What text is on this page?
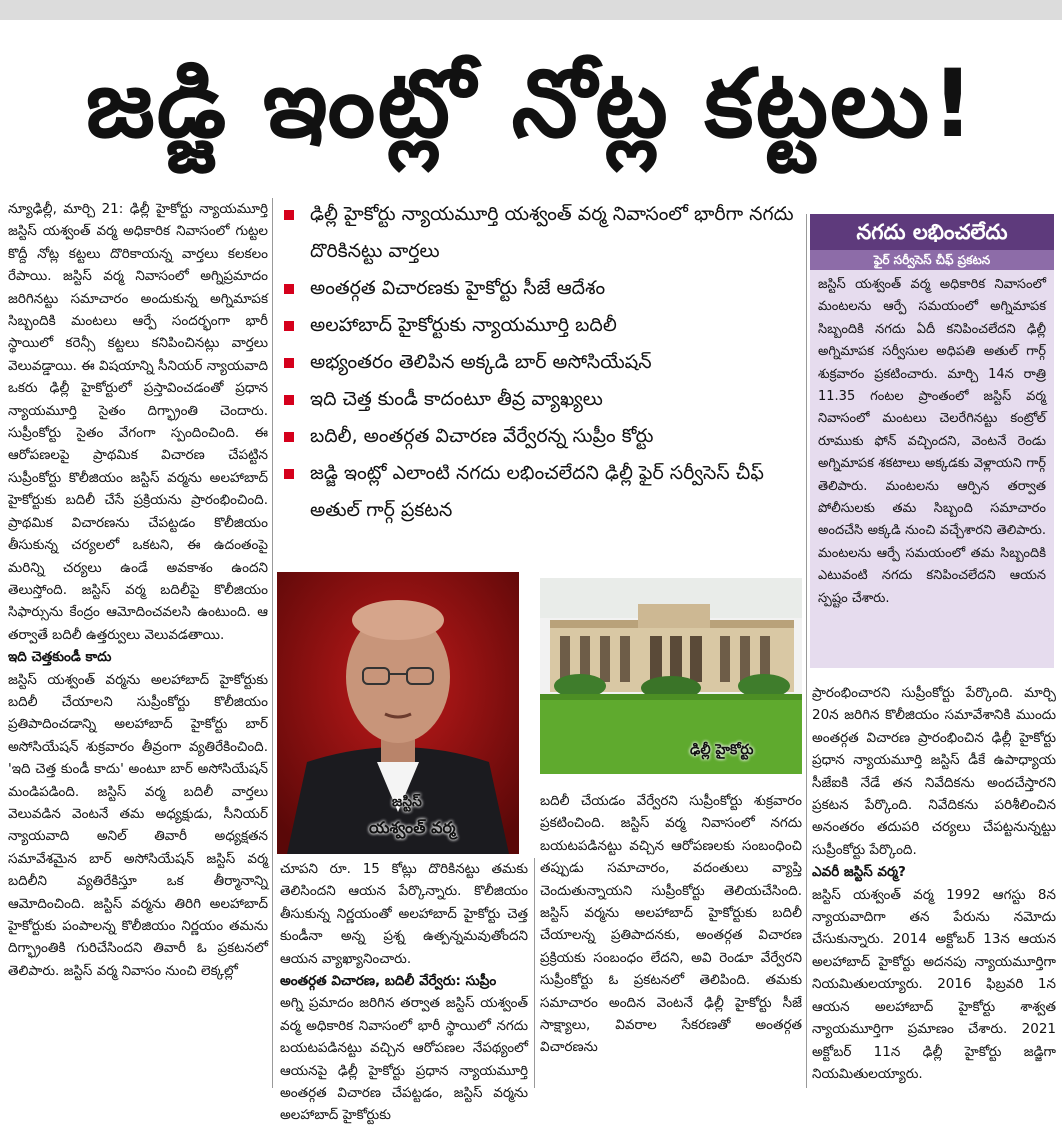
జడ్జి ఇంట్లో నోట్ల కట్టలు!

న్యూఢిల్లీ, మార్చి 21: ఢిల్లీ హైకోర్టు న్యాయమూర్తి జస్టిస్ యశ్వంత్ వర్మ అధికారిక నివాసంలో గుట్టల కొద్దీ నోట్ల కట్టలు దొరికాయన్న వార్తలు కలకలం రేపాయి. జస్టిస్ వర్మ నివాసంలో అగ్నిప్రమాదం జరిగినట్టు సమాచారం అందుకున్న అగ్నిమాపక సిబ్బందికి మంటలు ఆర్పే సందర్భంగా భారీ స్థాయిలో కరెన్సీ కట్టలు కనిపించినట్లు వార్తలు వెలువడ్డాయి. ఈ విషయాన్ని సీనియర్ న్యాయవాది ఒకరు ఢిల్లీ హైకోర్టులో ప్రస్తావించడంతో ప్రధాన న్యాయమూర్తి సైతం దిగ్భ్రాంతి చెందారు. సుప్రీంకోర్టు సైతం వేగంగా స్పందించింది. ఈ ఆరోపణలపై ప్రాథమిక విచారణ చేపట్టిన సుప్రీంకోర్టు కొలీజియం జస్టిస్ వర్మను అలహాబాద్ హైకోర్టుకు బదిలీ చేసే ప్రక్రియను ప్రారంభించింది. ప్రాథమిక విచారణను చేపట్టడం కొలీజియం తీసుకున్న చర్యలలో ఒకటని, ఈ ఉదంతంపై మరిన్ని చర్యలు ఉండే అవకాశం ఉందని తెలుస్తోంది. జస్టిస్ వర్మ బదిలీపై కొలీజియం సిఫార్సును కేంద్రం ఆమోదించవలసి ఉంటుంది. ఆ తర్వాతే బదిలీ ఉత్తర్వులు వెలువడతాయి.

ఇది చెత్తకుండీ కాదు

జస్టిస్ యశ్వంత్ వర్మను అలహాబాద్ హైకోర్టుకు బదిలీ చేయాలని సుప్రీంకోర్టు కొలీజియం ప్రతిపాదించడాన్ని అలహాబాద్ హైకోర్టు బార్ అసోసియేషన్ శుక్రవారం తీవ్రంగా వ్యతిరేకించింది. 'ఇది చెత్త కుండీ కాదు' అంటూ బార్ అసోసియేషన్ మండిపడింది. జస్టిస్ వర్మ బదిలీ వార్తలు వెలువడిన వెంటనే తమ అధ్యక్షుడు, సీనియర్ న్యాయవాది అనిల్ తివారీ అధ్యక్షతన సమావేశమైన బార్ అసోసియేషన్ జస్టిస్ వర్మ బదిలీని వ్యతిరేకిస్తూ ఒక తీర్మానాన్ని ఆమోదించింది. జస్టిస్ వర్మను తిరిగి అలహాబాద్ హైకోర్టుకు పంపాలన్న కొలీజియం నిర్ణయం తమను దిగ్భ్రాంతికి గురిచేసిందని తివారీ ఓ ప్రకటనలో తెలిపారు. జస్టిస్ వర్మ నివాసం నుంచి లెక్కల్లో

ఢిల్లీ హైకోర్టు న్యాయమూర్తి యశ్వంత్ వర్మ నివాసంలో భారీగా నగదు దొరికినట్టు వార్తలు
అంతర్గత విచారణకు హైకోర్టు సీజే ఆదేశం
అలహాబాద్ హైకోర్టుకు న్యాయమూర్తి బదిలీ
అభ్యంతరం తెలిపిన అక్కడి బార్ అసోసియేషన్
ఇది చెత్త కుండీ కాదంటూ తీవ్ర వ్యాఖ్యలు
బదిలీ, అంతర్గత విచారణ వేర్వేరన్న సుప్రీం కోర్టు
జడ్జి ఇంట్లో ఎలాంటి నగదు లభించలేదని ఢిల్లీ ఫైర్ సర్వీసెస్ చీఫ్ అతుల్ గార్గ్ ప్రకటన
జస్టిస్
యశ్వంత్ వర్మ
ఢిల్లీ హైకోర్టు

చూపని రూ. 15 కోట్లు దొరికినట్టు తమకు తెలిసిందని ఆయన పేర్కొన్నారు. కొలీజియం తీసుకున్న నిర్ణయంతో అలహాబాద్ హైకోర్టు చెత్త కుండీనా అన్న ప్రశ్న ఉత్పన్నమవుతోందని ఆయన వ్యాఖ్యానించారు.

అంతర్గత విచారణ, బదిలీ వేర్వేరు: సుప్రీం

అగ్ని ప్రమాదం జరిగిన తర్వాత జస్టిస్ యశ్వంత్ వర్మ అధికారిక నివాసంలో భారీ స్థాయిలో నగదు బయటపడినట్టు వచ్చిన ఆరోపణల నేపథ్యంలో ఆయనపై ఢిల్లీ హైకోర్టు ప్రధాన న్యాయమూర్తి అంతర్గత విచారణ చేపట్టడం, జస్టిస్ వర్మను అలహాబాద్ హైకోర్టుకు

బదిలీ చేయడం వేర్వేరని సుప్రీంకోర్టు శుక్రవారం ప్రకటించింది. జస్టిస్ వర్మ నివాసంలో నగదు బయటపడినట్టు వచ్చిన ఆరోపణలకు సంబంధించి తప్పుడు సమాచారం, వదంతులు వ్యాప్తి చెందుతున్నాయని సుప్రీంకోర్టు తెలియచేసింది. జస్టిస్ వర్మను అలహాబాద్ హైకోర్టుకు బదిలీ చేయాలన్న ప్రతిపాదనకు, అంతర్గత విచారణ ప్రక్రియకు సంబంధం లేదని, అవి రెండూ వేర్వేరని సుప్రీంకోర్టు ఓ ప్రకటనలో తెలిపింది. తమకు సమాచారం అందిన వెంటనే ఢిల్లీ హైకోర్టు సీజే సాక్ష్యాలు, వివరాల సేకరణతో అంతర్గత విచారణను

నగదు లభించలేదు
ఫైర్ సర్వీసెస్ చీఫ్ ప్రకటన
జస్టిస్ యశ్వంత్ వర్మ అధికారిక నివాసంలో మంటలను ఆర్పే సమయంలో అగ్నిమాపక సిబ్బందికి నగదు ఏదీ కనిపించలేదని ఢిల్లీ అగ్నిమాపక సర్వీసుల అధిపతి అతుల్ గార్గ్ శుక్రవారం ప్రకటించారు. మార్చి 14న రాత్రి 11.35 గంటల ప్రాంతంలో జస్టిస్ వర్మ నివాసంలో మంటలు చెలరేగినట్టు కంట్రోల్ రూముకు ఫోన్ వచ్చిందని, వెంటనే రెండు అగ్నిమాపక శకటాలు అక్కడకు వెళ్లాయని గార్గ్ తెలిపారు. మంటలను ఆర్పిన తర్వాత పోలీసులకు తమ సిబ్బంది సమాచారం అందచేసి అక్కడి నుంచి వచ్చేశారని తెలిపారు. మంటలను ఆర్పే సమయంలో తమ సిబ్బందికి ఎటువంటి నగదు కనిపించలేదని ఆయన స్పష్టం చేశారు.

ప్రారంభించారని సుప్రీంకోర్టు పేర్కొంది. మార్చి 20న జరిగిన కొలీజియం సమావేశానికి ముందు అంతర్గత విచారణ ప్రారంభించిన ఢిల్లీ హైకోర్టు ప్రధాన న్యాయమూర్తి జస్టిస్ డీకే ఉపాధ్యాయ సీజేఐకి నేడే తన నివేదికను అందచేస్తారని ప్రకటన పేర్కొంది. నివేదికను పరిశీలించిన అనంతరం తదుపరి చర్యలు చేపట్టనున్నట్టు సుప్రీంకోర్టు పేర్కొంది.

ఎవరీ జస్టిస్ వర్మ?

జస్టిస్ యశ్వంత్ వర్మ 1992 ఆగస్టు 8న న్యాయవాదిగా తన పేరును నమోదు చేసుకున్నారు. 2014 అక్టోబర్ 13న ఆయన అలహాబాద్ హైకోర్టు అదనపు న్యాయమూర్తిగా నియమితులయ్యారు. 2016 ఫిబ్రవరి 1న ఆయన అలహాబాద్ హైకోర్టు శాశ్వత న్యాయమూర్తిగా ప్రమాణం చేశారు. 2021 అక్టోబర్ 11న ఢిల్లీ హైకోర్టు జడ్జిగా నియమితులయ్యారు.
